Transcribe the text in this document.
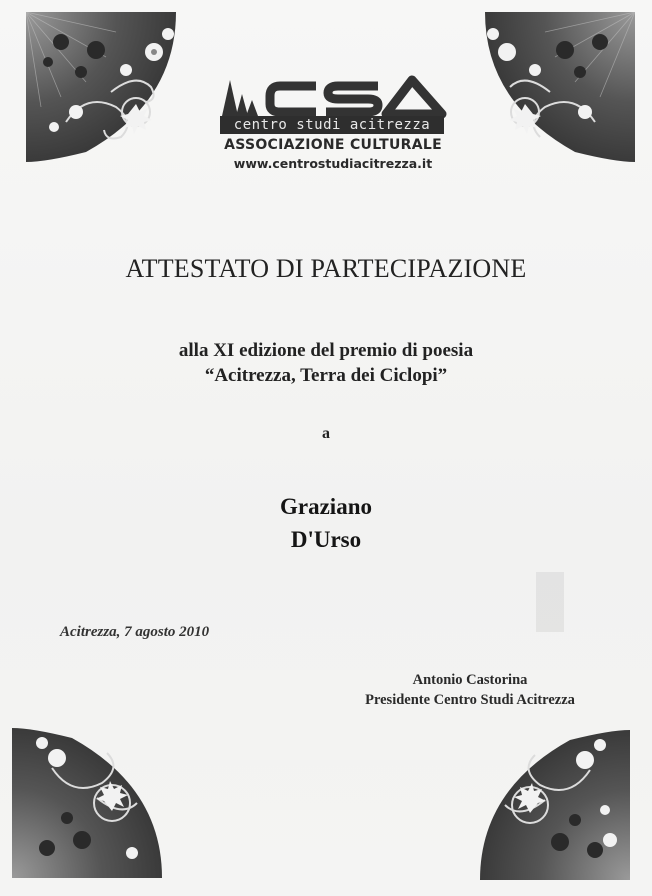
centro studi acitrezza
ASSOCIAZIONE CULTURALE
www.centrostudiacitrezza.it
ATTESTATO DI PARTECIPAZIONE
alla XI edizione del premio di poesia
“Acitrezza, Terra dei Ciclopi”
a
Graziano
D'Urso
Acitrezza, 7 agosto 2010
Antonio Castorina
Presidente Centro Studi Acitrezza
